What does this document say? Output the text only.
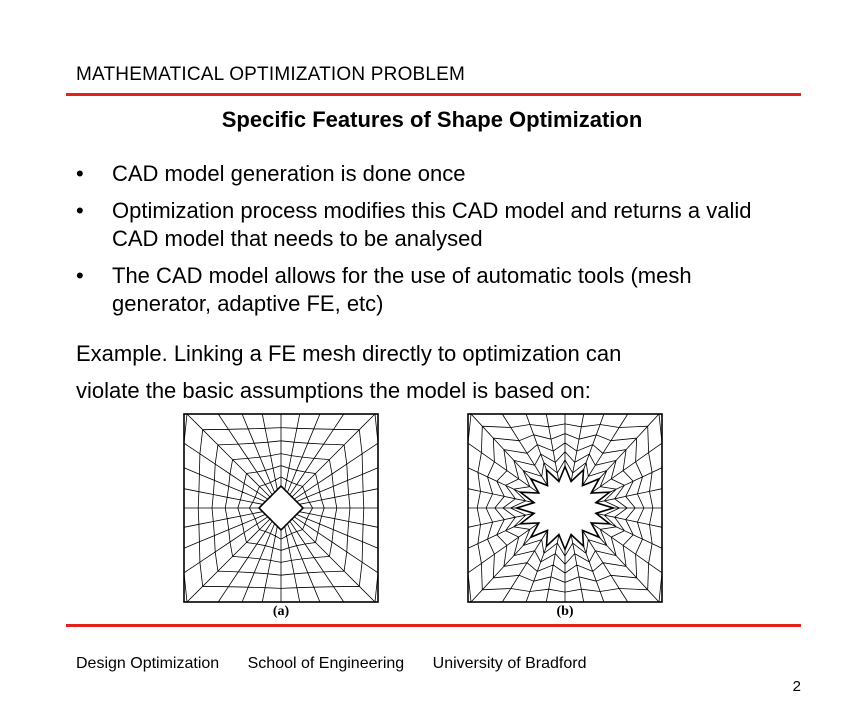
MATHEMATICAL OPTIMIZATION PROBLEM
Specific Features of Shape Optimization
• CAD model generation is done once
• Optimization process modifies this CAD model and returns a valid CAD model that needs to be analysed
• The CAD model allows for the use of automatic tools (mesh generator, adaptive FE, etc)
Example. Linking a FE mesh directly to optimization can
violate the basic assumptions the model is based on:
(a)	(b)
Design Optimization School of Engineering University of Bradford
2
